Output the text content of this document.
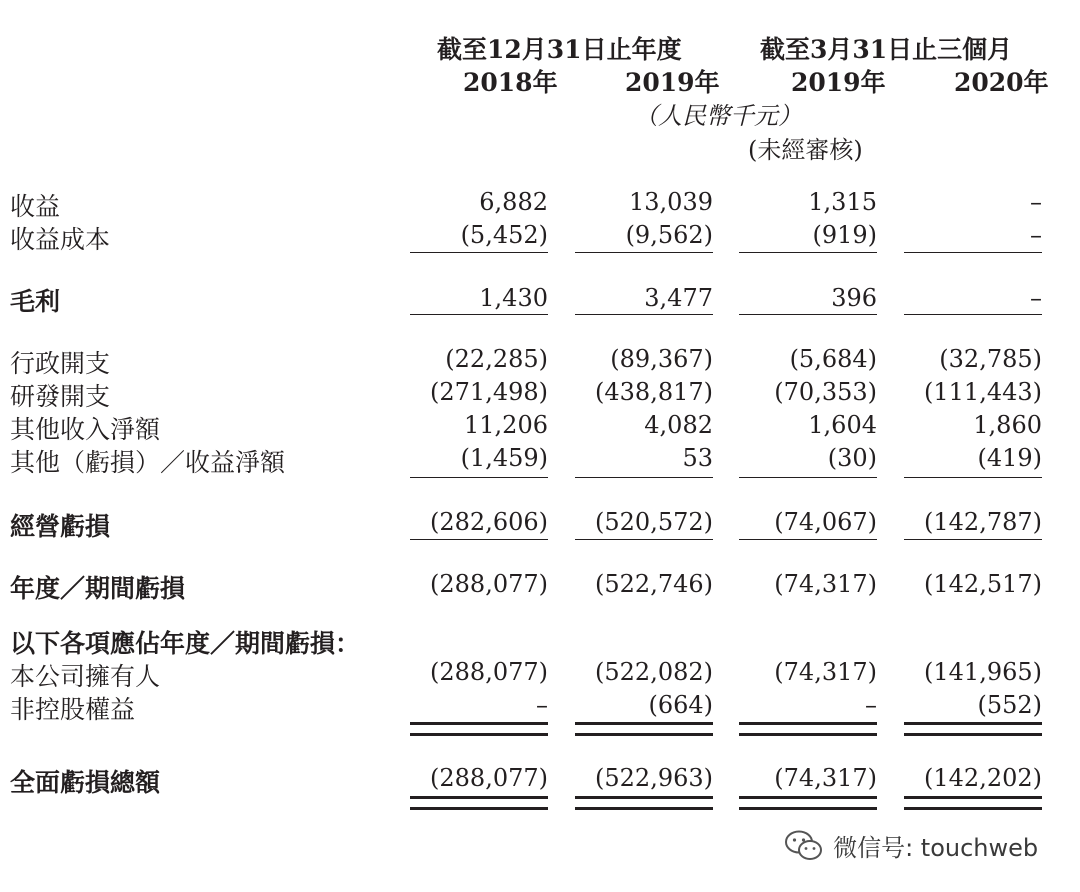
截至12月31日止年度	截至3月31日止三個月
2018年	2019年	2019年	2020年
（人民幣千元）
(未經審核)
收益	6,882	13,039	1,315	–
收益成本	(5,452)	(9,562)	(919)	–
毛利	1,430	3,477	396	–
行政開支	(22,285)	(89,367)	(5,684)	(32,785)
研發開支	(271,498)	(438,817)	(70,353)	(111,443)
其他收入淨額	11,206	4,082	1,604	1,860
其他（虧損）／收益淨額	(1,459)	53	(30)	(419)
經營虧損	(282,606)	(520,572)	(74,067)	(142,787)
年度／期間虧損	(288,077)	(522,746)	(74,317)	(142,517)
以下各項應佔年度／期間虧損：
本公司擁有人	(288,077)	(522,082)	(74,317)	(141,965)
非控股權益	–	(664)	–	(552)
全面虧損總額	(288,077)	(522,963)	(74,317)	(142,202)
微信号: touchweb
